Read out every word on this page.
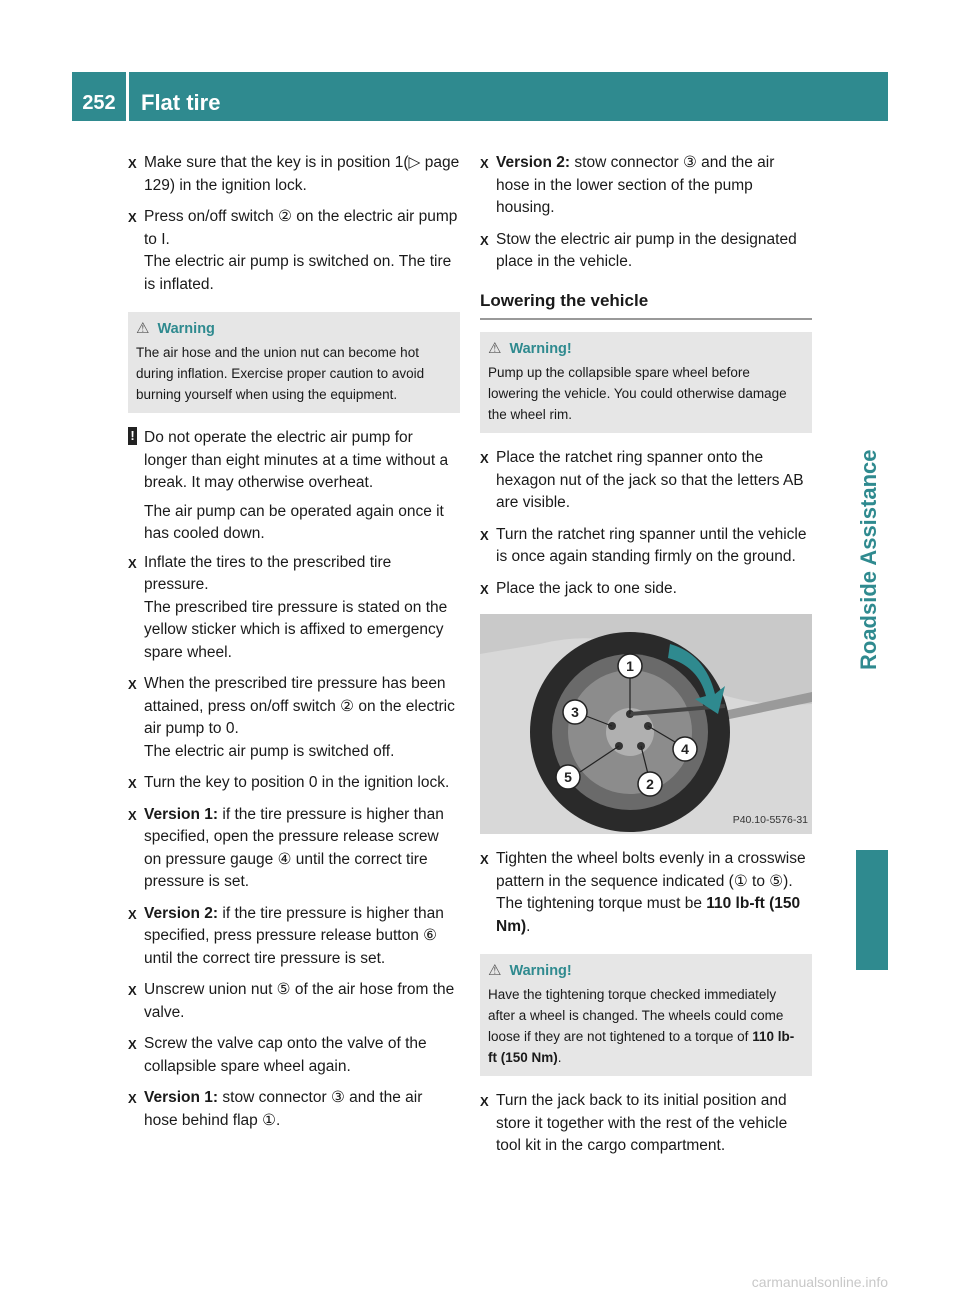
252	Flat tire
Roadside Assistance
X Make sure that the key is in position 1(▷ page 129) in the ignition lock.
X Press on/off switch ② on the electric air pump to I.
The electric air pump is switched on. The tire is inflated.
⚠ Warning
The air hose and the union nut can become hot during inflation. Exercise proper caution to avoid burning yourself when using the equipment.
! Do not operate the electric air pump for longer than eight minutes at a time without a break. It may otherwise overheat.
The air pump can be operated again once it has cooled down.
X Inflate the tires to the prescribed tire pressure.
The prescribed tire pressure is stated on the yellow sticker which is affixed to emergency spare wheel.
X When the prescribed tire pressure has been attained, press on/off switch ② on the electric air pump to 0.
The electric air pump is switched off.
X Turn the key to position 0 in the ignition lock.
X Version 1: if the tire pressure is higher than specified, open the pressure release screw on pressure gauge ④ until the correct tire pressure is set.
X Version 2: if the tire pressure is higher than specified, press pressure release button ⑥ until the correct tire pressure is set.
X Unscrew union nut ⑤ of the air hose from the valve.
X Screw the valve cap onto the valve of the collapsible spare wheel again.
X Version 1: stow connector ③ and the air hose behind flap ①.
X Version 2: stow connector ③ and the air hose in the lower section of the pump housing.
X Stow the electric air pump in the designated place in the vehicle.
Lowering the vehicle
⚠ Warning!
Pump up the collapsible spare wheel before lowering the vehicle. You could otherwise damage the wheel rim.
X Place the ratchet ring spanner onto the hexagon nut of the jack so that the letters AB are visible.
X Turn the ratchet ring spanner until the vehicle is once again standing firmly on the ground.
X Place the jack to one side.
1
3
4
5	2
P40.10-5576-31
X Tighten the wheel bolts evenly in a crosswise pattern in the sequence indicated (① to ⑤). The tightening torque must be 110 lb-ft (150 Nm).
⚠ Warning!
Have the tightening torque checked immediately after a wheel is changed. The wheels could come loose if they are not tightened to a torque of 110 lb-ft (150 Nm).
X Turn the jack back to its initial position and store it together with the rest of the vehicle tool kit in the cargo compartment.
carmanualsonline.info
